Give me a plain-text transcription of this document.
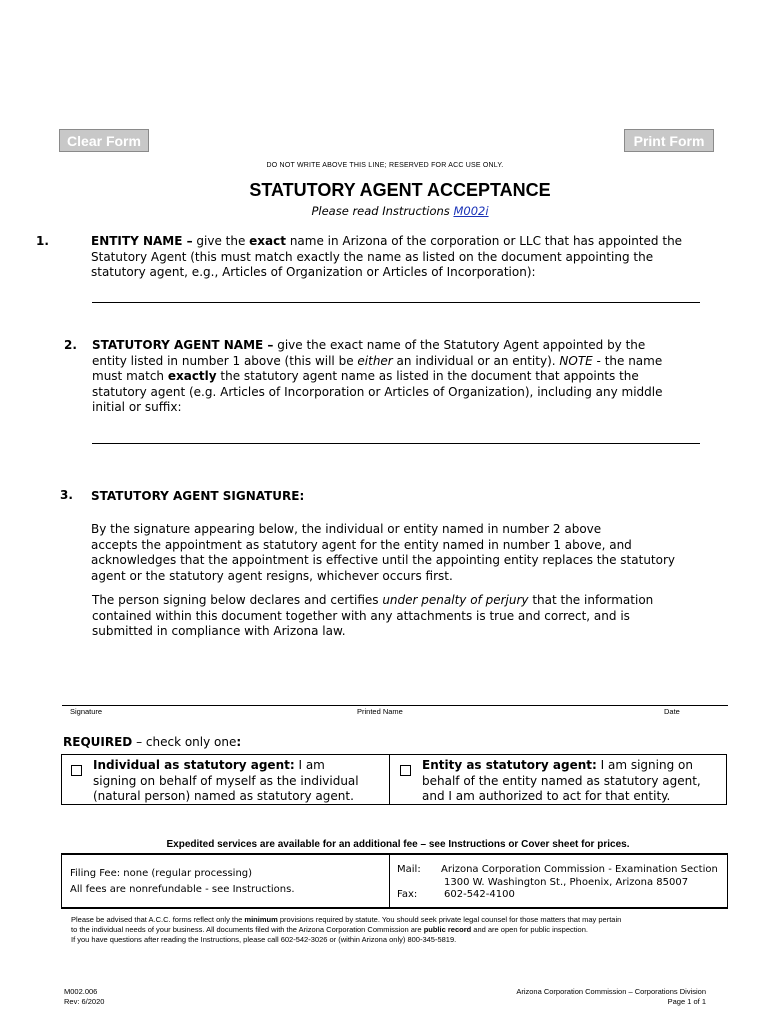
Clear Form	Print Form
DO NOT WRITE ABOVE THIS LINE; RESERVED FOR ACC USE ONLY.
STATUTORY AGENT ACCEPTANCE
Please read Instructions M002i
1.	ENTITY NAME – give the exact name in Arizona of the corporation or LLC that has appointed the
Statutory Agent (this must match exactly the name as listed on the document appointing the
statutory agent, e.g., Articles of Organization or Articles of Incorporation):
2. STATUTORY AGENT NAME – give the exact name of the Statutory Agent appointed by the
entity listed in number 1 above (this will be either an individual or an entity). NOTE - the name
must match exactly the statutory agent name as listed in the document that appoints the
statutory agent (e.g. Articles of Incorporation or Articles of Organization), including any middle
initial or suffix:
3. STATUTORY AGENT SIGNATURE:
By the signature appearing below, the individual or entity named in number 2 above
accepts the appointment as statutory agent for the entity named in number 1 above, and
acknowledges that the appointment is effective until the appointing entity replaces the statutory
agent or the statutory agent resigns, whichever occurs first.
The person signing below declares and certifies under penalty of perjury that the information
contained within this document together with any attachments is true and correct, and is
submitted in compliance with Arizona law.
Signature	Printed Name	Date
REQUIRED – check only one:
Individual as statutory agent: I am
signing on behalf of myself as the individual
(natural person) named as statutory agent.
Entity as statutory agent: I am signing on
behalf of the entity named as statutory agent,
and I am authorized to act for that entity.
Expedited services are available for an additional fee – see Instructions or Cover sheet for prices.
Filing Fee: none (regular processing)
All fees are nonrefundable - see Instructions.
Mail: Arizona Corporation Commission - Examination Section
1300 W. Washington St., Phoenix, Arizona 85007
Fax:	602-542-4100
Please be advised that A.C.C. forms reflect only the minimum provisions required by statute. You should seek private legal counsel for those matters that may pertain
to the individual needs of your business. All documents filed with the Arizona Corporation Commission are public record and are open for public inspection.
If you have questions after reading the Instructions, please call 602-542-3026 or (within Arizona only) 800-345-5819.
M002.006
Rev: 6/2020
Arizona Corporation Commission – Corporations Division
Page 1 of 1
